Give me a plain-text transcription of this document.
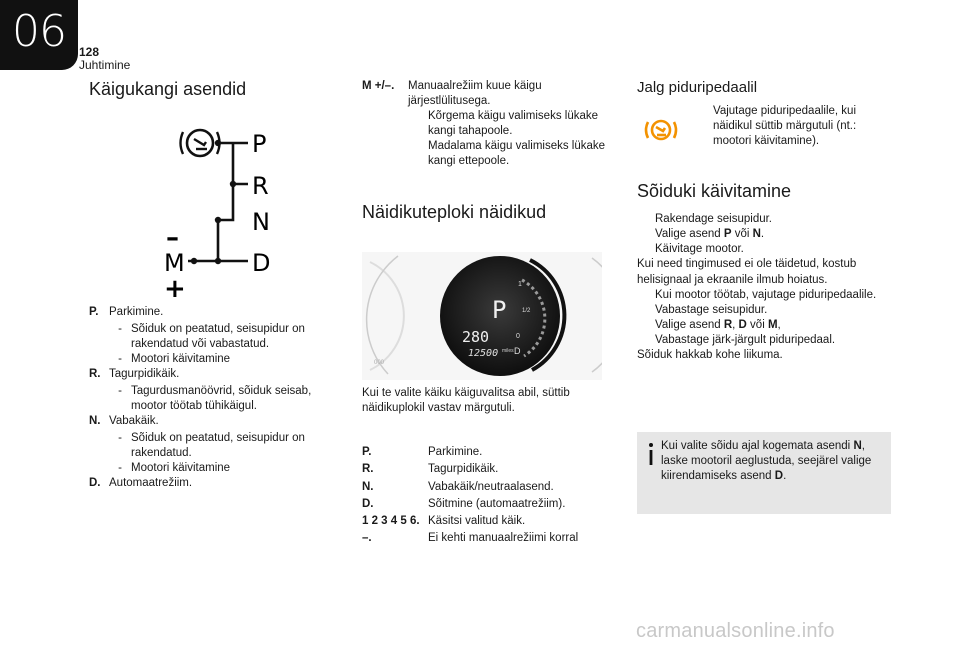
06 128
Juhtimine
Käigukangi asendid
P
R
N
D
–
M
+
P. Parkimine.
- Sõiduk on peatatud, seisupidur on rakendatud või vabastatud.
- Mootori käivitamine
R. Tagurpidikäik.
- Tagurdusmanöövrid, sõiduk seisab, mootor töötab tühikäigul.
N. Vabakäik.
- Sõiduk on peatatud, seisupidur on rakendatud.
- Mootori käivitamine
D. Automaatrežiim.
M +/–.	Manuaalrežiim kuue käigu järjestlülitusega.
Kõrgema käigu valimiseks lükake kangi tahapoole.
Madalama käigu valimiseks lükake kangi ettepoole.
Näidikuteploki näidikud
P
280
12500 miles
1
1/2
0
D
000
Kui te valite käiku käiguvalitsa abil, süttib näidikuplokil vastav märgutuli.
P.	Parkimine.
R.	Tagurpidikäik.
N.	Vabakäik/neutraalasend.
D.	Sõitmine (automaatrežiim).
1 2 3 4 5 6. Käsitsi valitud käik.
–.	Ei kehti manuaalrežiimi korral
Jalg piduripedaalil
Vajutage piduripedaalile, kui näidikul süttib märgutuli (nt.: mootori käivitamine).
Sõiduki käivitamine
Rakendage seisupidur.
Valige asend P või N.
Käivitage mootor.
Kui need tingimused ei ole täidetud, kostub helisignaal ja ekraanile ilmub hoiatus.
Kui mootor töötab, vajutage piduripedaalile.
Vabastage seisupidur.
Valige asend R, D või M,
Vabastage järk-järgult piduripedaal.
Sõiduk hakkab kohe liikuma.
Kui valite sõidu ajal kogemata asendi N, laske mootoril aeglustuda, seejärel valige kiirendamiseks asend D.
carmanualsonline.info
